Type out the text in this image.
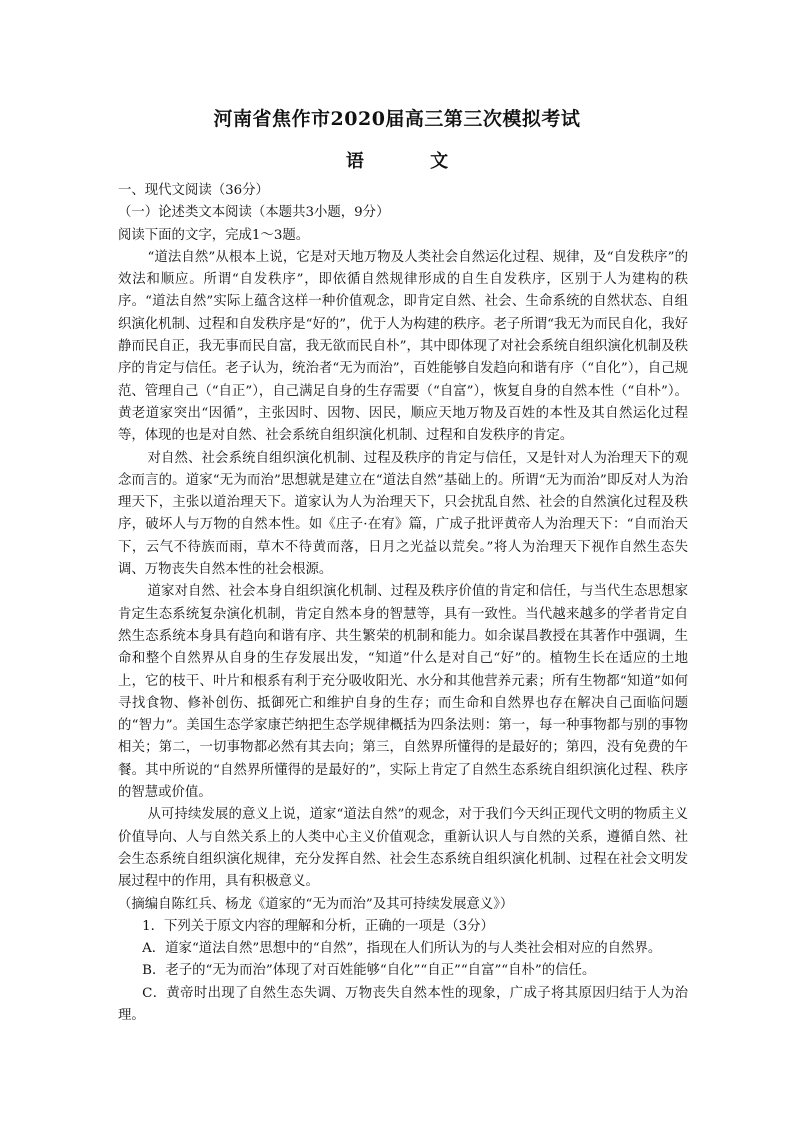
河南省焦作市2020届高三第三次模拟考试
语 文

一、现代文阅读（36分）

（一）论述类文本阅读（本题共3小题，9分）

阅读下面的文字，完成1～3题。

“道法自然”从根本上说，它是对天地万物及人类社会自然运化过程、规律，及“自发秩序”的效法和顺应。所谓“自发秩序”，即依循自然规律形成的自生自发秩序，区别于人为建构的秩序。“道法自然”实际上蕴含这样一种价值观念，即肯定自然、社会、生命系统的自然状态、自组织演化机制、过程和自发秩序是“好的”，优于人为构建的秩序。老子所谓“我无为而民自化，我好静而民自正，我无事而民自富，我无欲而民自朴”，其中即体现了对社会系统自组织演化机制及秩序的肯定与信任。老子认为，统治者“无为而治”，百姓能够自发趋向和谐有序（“自化”），自己规范、管理自己（“自正”），自己满足自身的生存需要（“自富”），恢复自身的自然本性（“自朴”）。黄老道家突出“因循”，主张因时、因物、因民，顺应天地万物及百姓的本性及其自然运化过程等，体现的也是对自然、社会系统自组织演化机制、过程和自发秩序的肯定。

对自然、社会系统自组织演化机制、过程及秩序的肯定与信任，又是针对人为治理天下的观念而言的。道家“无为而治”思想就是建立在“道法自然”基础上的。所谓“无为而治”即反对人为治理天下，主张以道治理天下。道家认为人为治理天下，只会扰乱自然、社会的自然演化过程及秩序，破坏人与万物的自然本性。如《庄子·在宥》篇，广成子批评黄帝人为治理天下：“自而治天下，云气不待族而雨，草木不待黄而落，日月之光益以荒矣。”将人为治理天下视作自然生态失调、万物丧失自然本性的社会根源。

道家对自然、社会本身自组织演化机制、过程及秩序价值的肯定和信任，与当代生态思想家肯定生态系统复杂演化机制，肯定自然本身的智慧等，具有一致性。当代越来越多的学者肯定自然生态系统本身具有趋向和谐有序、共生繁荣的机制和能力。如余谋昌教授在其著作中强调，生命和整个自然界从自身的生存发展出发，“知道”什么是对自己“好”的。植物生长在适应的土地上，它的枝干、叶片和根系有利于充分吸收阳光、水分和其他营养元素；所有生物都“知道”如何寻找食物、修补创伤、抵御死亡和维护自身的生存；而生命和自然界也存在解决自己面临问题的“智力”。美国生态学家康芒纳把生态学规律概括为四条法则：第一，每一种事物都与别的事物相关；第二，一切事物都必然有其去向；第三，自然界所懂得的是最好的；第四，没有免费的午餐。其中所说的“自然界所懂得的是最好的”，实际上肯定了自然生态系统自组织演化过程、秩序的智慧或价值。

从可持续发展的意义上说，道家“道法自然”的观念，对于我们今天纠正现代文明的物质主义价值导向、人与自然关系上的人类中心主义价值观念，重新认识人与自然的关系，遵循自然、社会生态系统自组织演化规律，充分发挥自然、社会生态系统自组织演化机制、过程在社会文明发展过程中的作用，具有积极意义。

（摘编自陈红兵、杨龙《道家的“无为而治”及其可持续发展意义》）

1．下列关于原文内容的理解和分析，正确的一项是（3分）

A．道家“道法自然”思想中的“自然”，指现在人们所认为的与人类社会相对应的自然界。

B．老子的“无为而治”体现了对百姓能够“自化”“自正”“自富”“自朴”的信任。

C．黄帝时出现了自然生态失调、万物丧失自然本性的现象，广成子将其原因归结于人为治理。
